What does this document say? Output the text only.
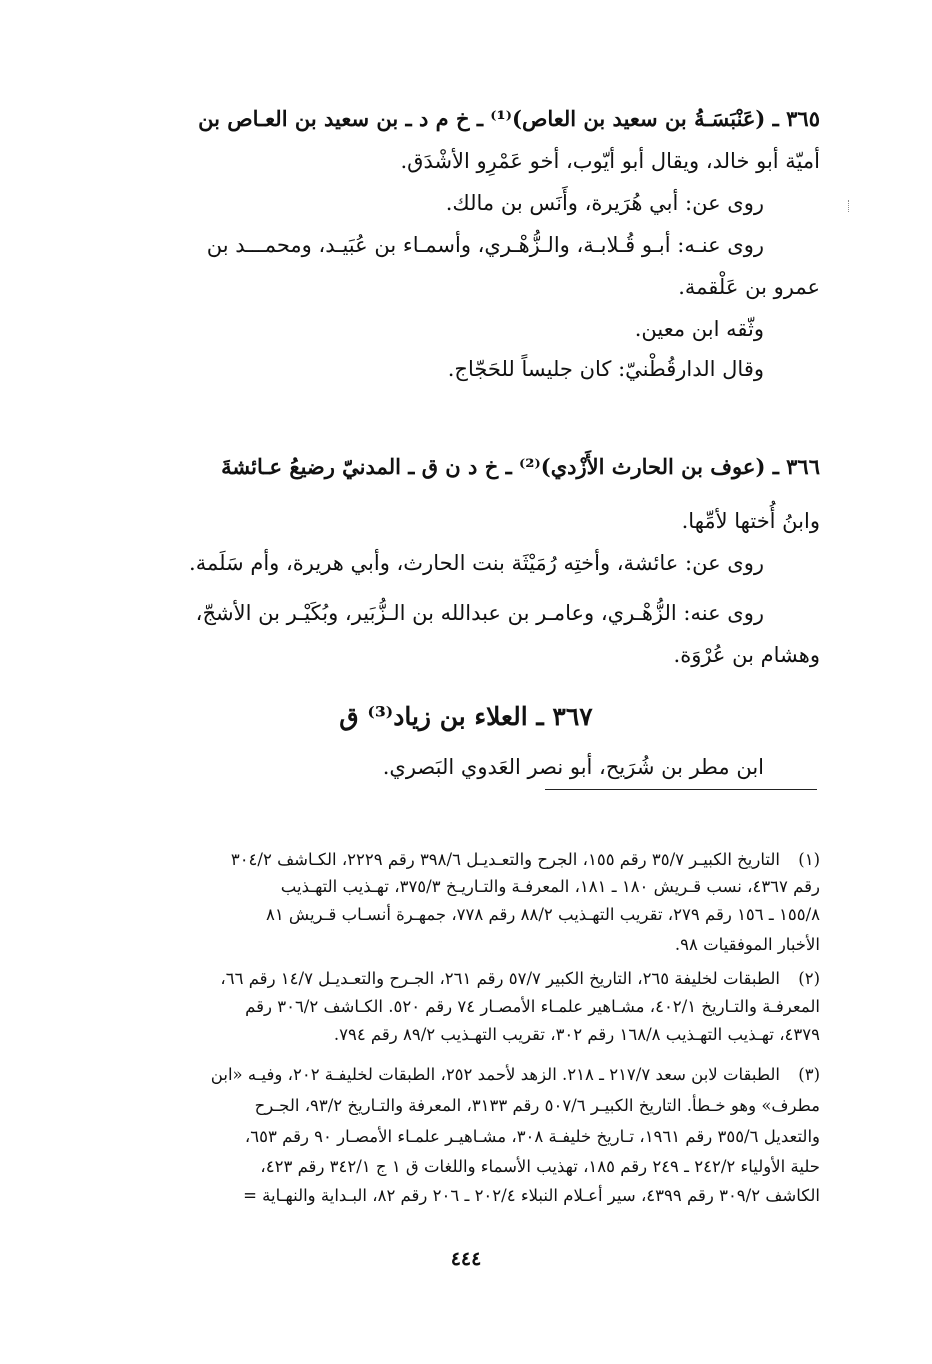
٣٦٥ ـ (عَنْبَسَـةُ بن سعيد بن العاص)⁽¹⁾ ـ خ م د ـ بن سعيد بن العـاص بن
أميّة أبو خالد، ويقال أبو أيّوب، أخو عَمْرِو الأشْدَق.
روى عن: أبي هُرَيرة، وأَنَس بن مالك.
روى عنـه: أبـو قُـلابـة، والـزُّهْـري، وأسمـاء بن عُبَيـد، ومحمـــد بن
عمرو بن عَلْقمة.
وثّقه ابن معين.
وقال الدارقُطْنيّ: كان جليساً للحَجّاج.
٣٦٦ ـ (عوف بن الحارث الأَزْدي)⁽²⁾ ـ خ د ن ق ـ المدنيّ رضيعُ عـائشةَ
وابنُ أُختها لأمِّها.
روى عن: عائشة، وأختِه رُمَيْثَة بنت الحارث، وأبي هريرة، وأم سَلَمة.
روى عنه: الزُّهْـري، وعامـر بن عبدالله بن الـزُّبَير، وبُكَيْـر بن الأشجّ،
وهشام بن عُرْوَة.
٣٦٧ ـ العلاء بن زياد⁽³⁾ ق
ابن مطر بن شُرَيح، أبو نصر العَدوي البَصري.
(١)
التاريخ الكبيـر ٣٥/٧ رقم ١٥٥، الجرح والتعـديـل ٣٩٨/٦ رقم ٢٢٢٩، الكـاشف ٣٠٤/٢
رقم ٤٣٦٧، نسب قـريش ١٨٠ ـ ١٨١، المعرفـة والتـاريـخ ٣٧٥/٣، تهـذيب التهـذيب
١٥٥/٨ ـ ١٥٦ رقم ٢٧٩، تقريب التهـذيب ٨٨/٢ رقم ٧٧٨، جمهـرة أنسـاب قـريش ٨١
الأخبار الموفقيات ٩٨.
(٢)
الطبقات لخليفة ٢٦٥، التاريخ الكبير ٥٧/٧ رقم ٢٦١، الجـرح والتعـديـل ١٤/٧ رقم ٦٦،
المعرفـة والتـاريخ ٤٠٢/١، مشـاهير علمـاء الأمصـار ٧٤ رقم ٥٢٠. الكـاشف ٣٠٦/٢ رقم
٤٣٧٩، تهـذيب التهـذيب ١٦٨/٨ رقم ٣٠٢، تقريب التهـذيب ٨٩/٢ رقم ٧٩٤.
(٣)
الطبقات لابن سعد ٢١٧/٧ ـ ٢١٨. الزهد لأحمد ٢٥٢، الطبقات لخليفـة ٢٠٢، وفيـه «ابن
مطرف» وهو خـطأ. التاريخ الكبيـر ٥٠٧/٦ رقم ٣١٣٣، المعرفة والتـاريخ ٩٣/٢، الجـرح
والتعديل ٣٥٥/٦ رقم ١٩٦١، تـاريخ خليفـة ٣٠٨، مشـاهيـر علمـاء الأمصـار ٩٠ رقم ٦٥٣،
حلية الأولياء ٢٤٢/٢ ـ ٢٤٩ رقم ١٨٥، تهذيب الأسماء واللغات ق ١ ج ٣٤٢/١ رقم ٤٢٣،
الكاشف ٣٠٩/٢ رقم ٤٣٩٩، سير أعـلام النبلاء ٢٠٢/٤ ـ ٢٠٦ رقم ٨٢، البـداية والنهـاية =
٤٤٤
